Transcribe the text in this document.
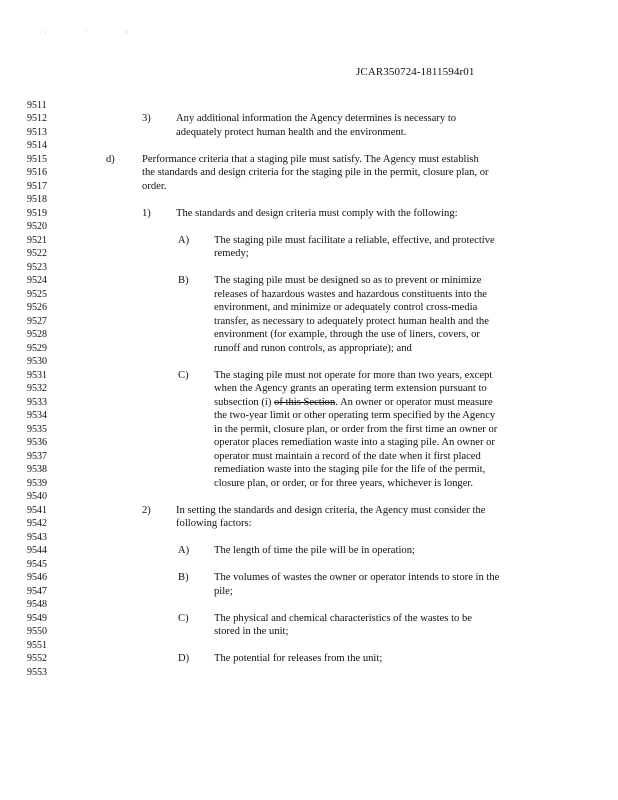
· ˙ ·
JCAR350724-1811594r01
9511
9512
9513
9514
9515
9516
9517
9518
9519
9520
9521
9522
9523
9524
9525
9526
9527
9528
9529
9530
9531
9532
9533
9534
9535
9536
9537
9538
9539
9540
9541
9542
9543
9544
9545
9546
9547
9548
9549
9550
9551
9552
9553
3) Any additional information the Agency determines is necessary to
adequately protect human health and the environment.
d)	Performance criteria that a staging pile must satisfy. The Agency must establish
the standards and design criteria for the staging pile in the permit, closure plan, or
order.
1) The standards and design criteria must comply with the following:
A) The staging pile must facilitate a reliable, effective, and protective
remedy;
B) The staging pile must be designed so as to prevent or minimize
releases of hazardous wastes and hazardous constituents into the
environment, and minimize or adequately control cross-media
transfer, as necessary to adequately protect human health and the
environment (for example, through the use of liners, covers, or
runoff and runon controls, as appropriate); and
C) The staging pile must not operate for more than two years, except
when the Agency grants an operating term extension pursuant to
subsection (i) of this Section. An owner or operator must measure
the two-year limit or other operating term specified by the Agency
in the permit, closure plan, or order from the first time an owner or
operator places remediation waste into a staging pile. An owner or
operator must maintain a record of the date when it first placed
remediation waste into the staging pile for the life of the permit,
closure plan, or order, or for three years, whichever is longer.
2) In setting the standards and design criteria, the Agency must consider the
following factors:
A) The length of time the pile will be in operation;
B) The volumes of wastes the owner or operator intends to store in the
pile;
C) The physical and chemical characteristics of the wastes to be
stored in the unit;
D) The potential for releases from the unit;
